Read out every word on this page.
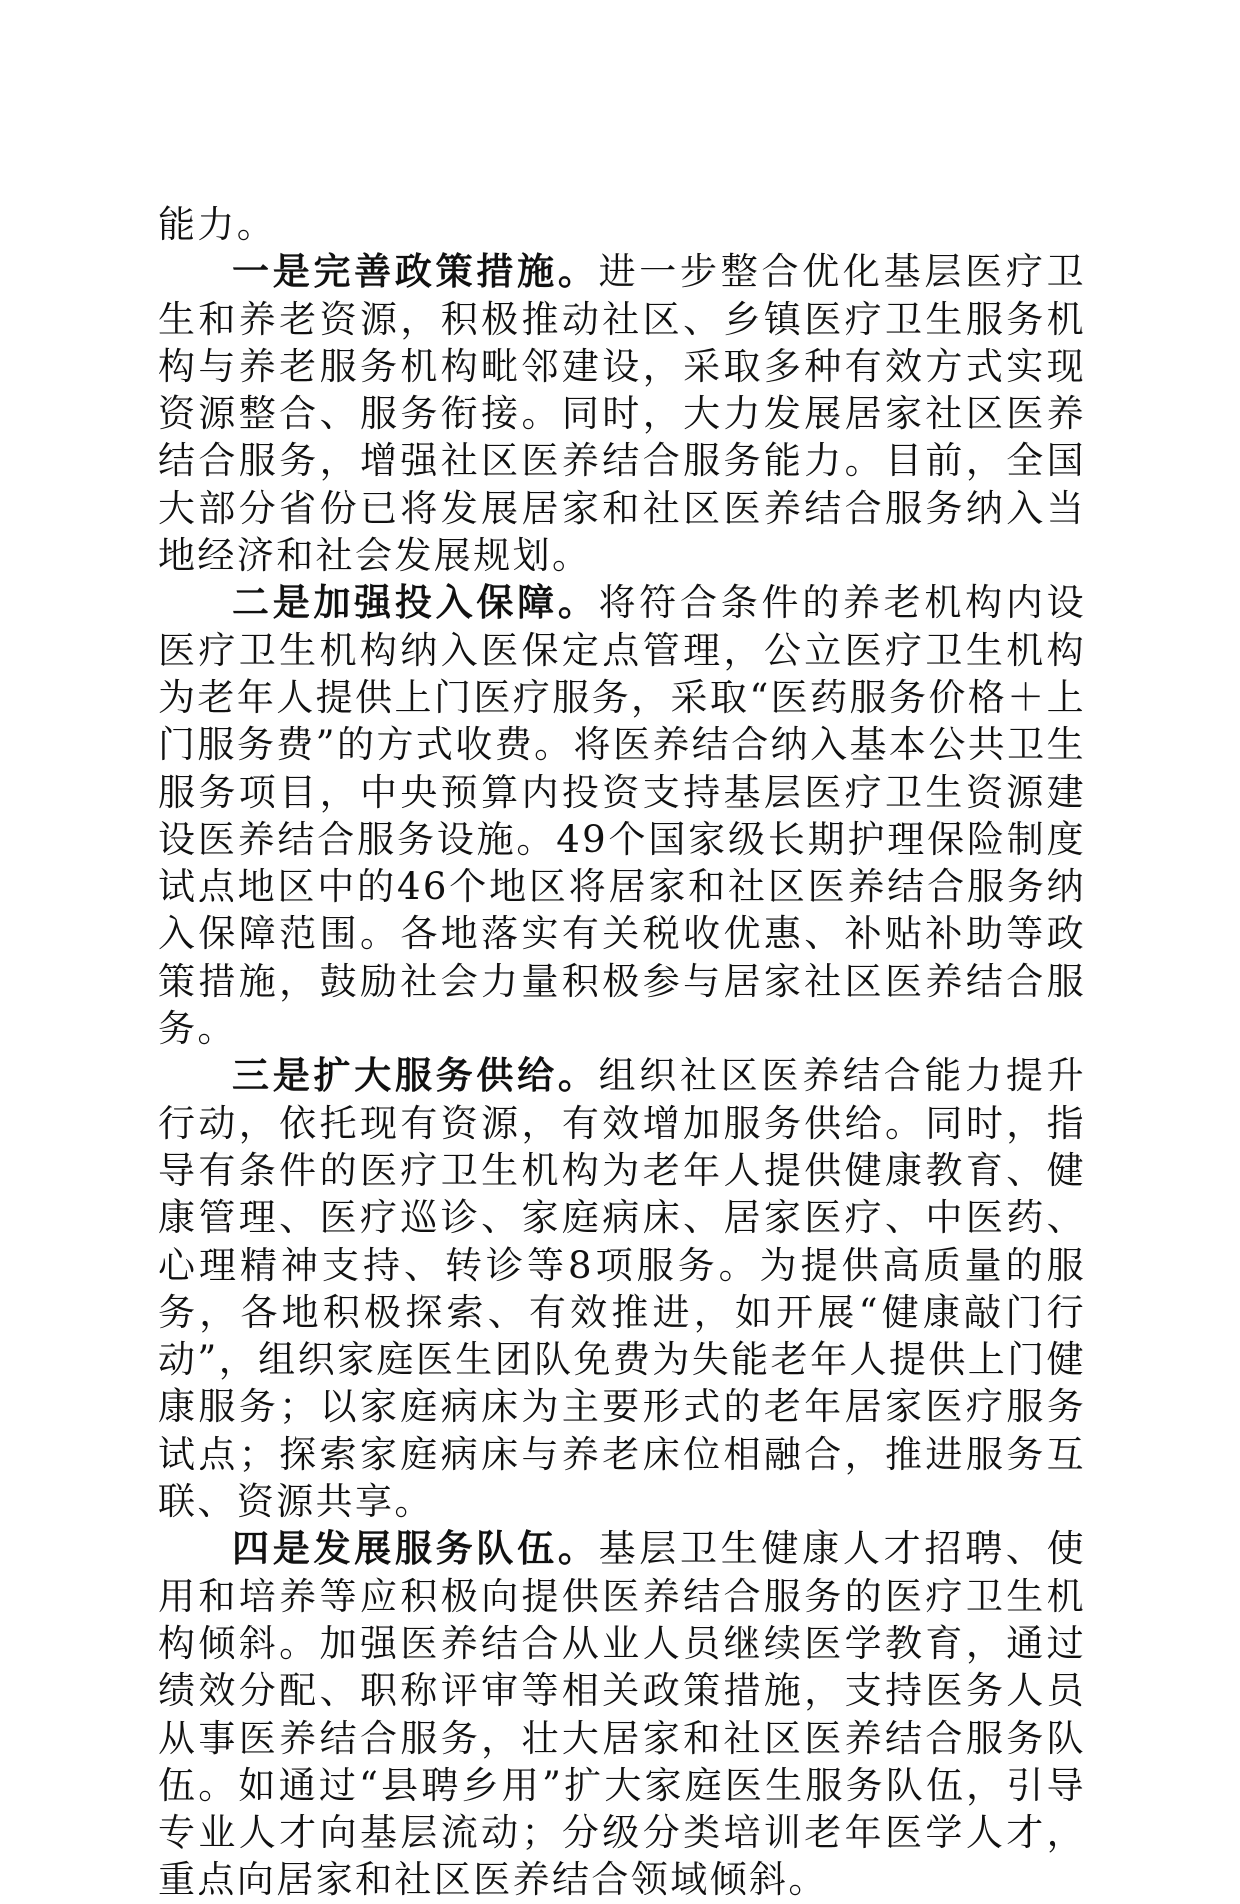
能力。

一是完善政策措施。进一步整合优化基层医疗卫生和养老资源，积极推动社区、乡镇医疗卫生服务机构与养老服务机构毗邻建设，采取多种有效方式实现资源整合、服务衔接。同时，大力发展居家社区医养结合服务，增强社区医养结合服务能力。目前，全国大部分省份已将发展居家和社区医养结合服务纳入当地经济和社会发展规划。

二是加强投入保障。将符合条件的养老机构内设医疗卫生机构纳入医保定点管理，公立医疗卫生机构为老年人提供上门医疗服务，采取“医药服务价格＋上门服务费”的方式收费。将医养结合纳入基本公共卫生服务项目，中央预算内投资支持基层医疗卫生资源建设医养结合服务设施。49个国家级长期护理保险制度试点地区中的46个地区将居家和社区医养结合服务纳入保障范围。各地落实有关税收优惠、补贴补助等政策措施，鼓励社会力量积极参与居家社区医养结合服务。

三是扩大服务供给。组织社区医养结合能力提升行动，依托现有资源，有效增加服务供给。同时，指导有条件的医疗卫生机构为老年人提供健康教育、健康管理、医疗巡诊、家庭病床、居家医疗、中医药、心理精神支持、转诊等8项服务。为提供高质量的服务，各地积极探索、有效推进，如开展“健康敲门行动”，组织家庭医生团队免费为失能老年人提供上门健康服务；以家庭病床为主要形式的老年居家医疗服务试点；探索家庭病床与养老床位相融合，推进服务互联、资源共享。

四是发展服务队伍。基层卫生健康人才招聘、使用和培养等应积极向提供医养结合服务的医疗卫生机构倾斜。加强医养结合从业人员继续医学教育，通过绩效分配、职称评审等相关政策措施，支持医务人员从事医养结合服务，壮大居家和社区医养结合服务队伍。如通过“县聘乡用”扩大家庭医生服务队伍，引导专业人才向基层流动；分级分类培训老年医学人才，重点向居家和社区医养结合领域倾斜。
